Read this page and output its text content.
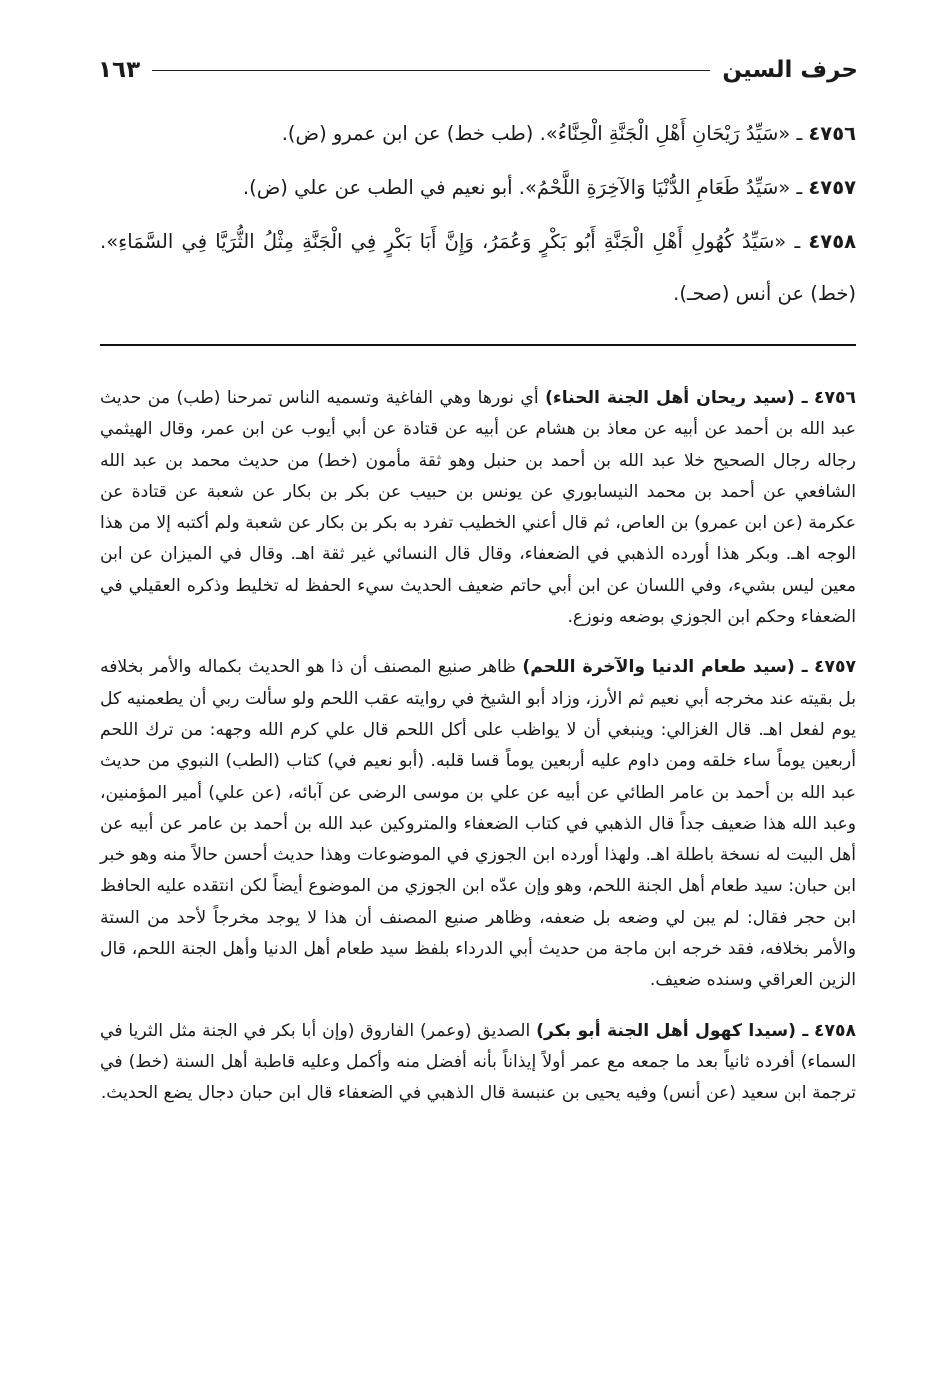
حرف السين
١٦٣

٤٧٥٦ ـ «سَيِّدُ رَيْحَانِ أَهْلِ الْجَنَّةِ الْحِنَّاءُ». (طب خط) عن ابن عمرو (ض).

٤٧٥٧ ـ «سَيِّدُ طَعَامِ الدُّنْيَا وَالآخِرَةِ اللَّحْمُ». أبو نعيم في الطب عن علي (ض).

٤٧٥٨ ـ «سَيِّدُ كُهُولِ أَهْلِ الْجَنَّةِ أَبُو بَكْرٍ وَعُمَرُ، وَإِنَّ أَبَا بَكْرٍ فِي الْجَنَّةِ مِثْلُ الثُّرَيَّا فِي السَّمَاءِ». (خط) عن أنس (صحـ).

٤٧٥٦ ـ (سيد ريحان أهل الجنة الحناء) أي نورها وهي الفاغية وتسميه الناس تمرحنا (طب) من حديث عبد الله بن أحمد عن أبيه عن معاذ بن هشام عن أبيه عن قتادة عن أبي أيوب عن ابن عمر، وقال الهيثمي رجاله رجال الصحيح خلا عبد الله بن أحمد بن حنبل وهو ثقة مأمون (خط) من حديث محمد بن عبد الله الشافعي عن أحمد بن محمد النيسابوري عن يونس بن حبيب عن بكر بن بكار عن شعبة عن قتادة عن عكرمة (عن ابن عمرو) بن العاص، ثم قال أعني الخطيب تفرد به بكر بن بكار عن شعبة ولم أكتبه إلا من هذا الوجه اهـ. وبكر هذا أورده الذهبي في الضعفاء، وقال قال النسائي غير ثقة اهـ. وقال في الميزان عن ابن معين ليس بشيء، وفي اللسان عن ابن أبي حاتم ضعيف الحديث سيء الحفظ له تخليط وذكره العقيلي في الضعفاء وحكم ابن الجوزي بوضعه ونوزع.

٤٧٥٧ ـ (سيد طعام الدنيا والآخرة اللحم) ظاهر صنيع المصنف أن ذا هو الحديث بكماله والأمر بخلافه بل بقيته عند مخرجه أبي نعيم ثم الأرز، وزاد أبو الشيخ في روايته عقب اللحم ولو سألت ربي أن يطعمنيه كل يوم لفعل اهـ. قال الغزالي: وينبغي أن لا يواظب على أكل اللحم قال علي كرم الله وجهه: من ترك اللحم أربعين يوماً ساء خلقه ومن داوم عليه أربعين يوماً قسا قلبه. (أبو نعيم في) كتاب (الطب) النبوي من حديث عبد الله بن أحمد بن عامر الطائي عن أبيه عن علي بن موسى الرضى عن آبائه، (عن علي) أمير المؤمنين، وعبد الله هذا ضعيف جداً قال الذهبي في كتاب الضعفاء والمتروكين عبد الله بن أحمد بن عامر عن أبيه عن أهل البيت له نسخة باطلة اهـ. ولهذا أورده ابن الجوزي في الموضوعات وهذا حديث أحسن حالاً منه وهو خبر ابن حبان: سيد طعام أهل الجنة اللحم، وهو وإن عدّه ابن الجوزي من الموضوع أيضاً لكن انتقده عليه الحافظ ابن حجر فقال: لم يبن لي وضعه بل ضعفه، وظاهر صنيع المصنف أن هذا لا يوجد مخرجاً لأحد من الستة والأمر بخلافه، فقد خرجه ابن ماجة من حديث أبي الدرداء بلفظ سيد طعام أهل الدنيا وأهل الجنة اللحم، قال الزين العراقي وسنده ضعيف.

٤٧٥٨ ـ (سيدا كهول أهل الجنة أبو بكر) الصديق (وعمر) الفاروق (وإن أبا بكر في الجنة مثل الثريا في السماء) أفرده ثانياً بعد ما جمعه مع عمر أولاً إيذاناً بأنه أفضل منه وأكمل وعليه قاطبة أهل السنة (خط) في ترجمة ابن سعيد (عن أنس) وفيه يحيى بن عنبسة قال الذهبي في الضعفاء قال ابن حبان دجال يضع الحديث.
